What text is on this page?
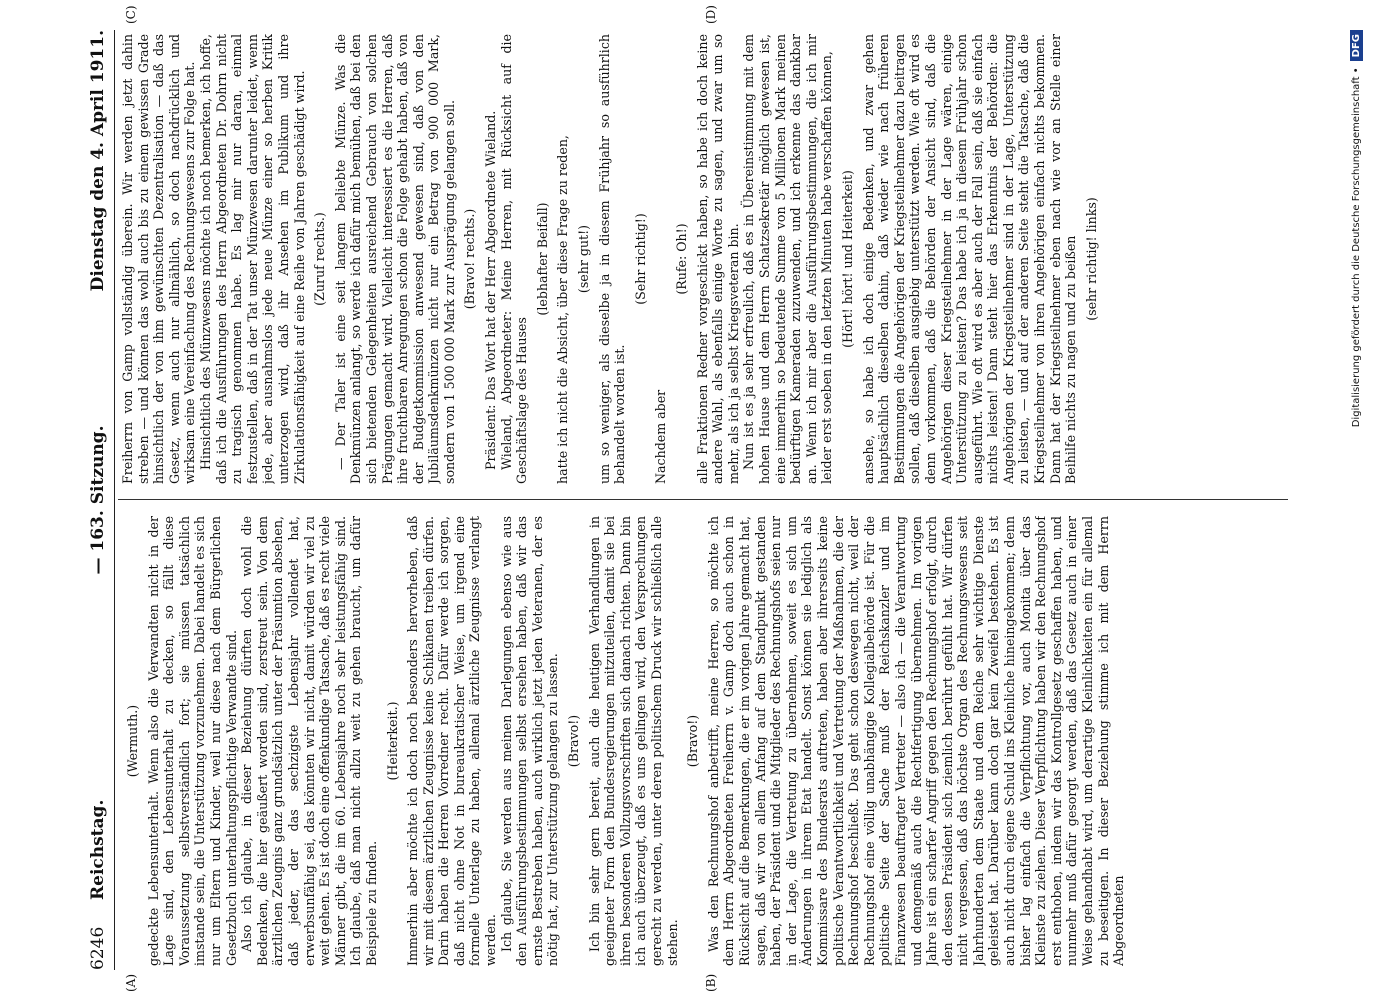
6246
Reichstag.
— 163. Sitzung.
Dienstag den 4. April 1911.
(A)	(B)
(C)	(D)

(Wermuth.) gedeckte Lebensunterhalt. Wenn also die Verwandten nicht in der Lage sind, den Lebensunterhalt zu decken, so fällt diese Voraussetzung selbstverständlich fort; sie müssen tatsächlich imstande sein, die Unterstützung vorzunehmen. Dabei handelt es sich nur um Eltern und Kinder, weil nur diese nach dem Bürgerlichen Gesetzbuch unterhaltungspflichtige Verwandte sind. Also ich glaube, in dieser Beziehung dürften doch wohl die Bedenken, die hier geäußert worden sind, zerstreut sein. Von dem ärztlichen Zeugnis ganz grundsätzlich unter der Präsumtion absehen, daß jeder, der das sechzigste Lebensjahr vollendet hat, erwerbsunfähig sei, das könnten wir nicht, damit würden wir viel zu weit gehen. Es ist doch eine offenkundige Tatsache, daß es recht viele Männer gibt, die im 60. Lebensjahre noch sehr leistungsfähig sind. Ich glaube, daß man nicht allzu weit zu gehen braucht, um dafür Beispiele zu finden.

(Heiterkeit.) Immerhin aber möchte ich doch noch besonders hervorheben, daß wir mit diesem ärztlichen Zeugnisse keine Schikanen treiben dürfen. Darin haben die Herren Vorredner recht. Dafür werde ich sorgen, daß nicht ohne Not in bureaukratischer Weise, um irgend eine formelle Unterlage zu haben, allemal ärztliche Zeugnisse verlangt werden. Ich glaube, Sie werden aus meinen Darlegungen ebenso wie aus den Ausführungsbestimmungen selbst ersehen haben, daß wir das ernste Bestreben haben, auch wirklich jetzt jeden Veteranen, der es nötig hat, zur Unterstützung gelangen zu lassen. (Bravo!) Ich bin sehr gern bereit, auch die heutigen Verhandlungen in geeigneter Form den Bundesregierungen mitzuteilen, damit sie bei ihren besonderen Vollzugsvorschriften sich danach richten. Dann bin ich auch überzeugt, daß es uns gelingen wird, den Versprechungen gerecht zu werden, unter deren politischem Druck wir schließlich alle stehen.

(Bravo!) Was den Rechnungshof anbetrifft, meine Herren, so möchte ich dem Herrn Abgeordneten Freiherrn v. Gamp doch auch schon in Rücksicht auf die Bemerkungen, die er im vorigen Jahre gemacht hat, sagen, daß wir von allem Anfang auf dem Standpunkt gestanden haben, der Präsident und die Mitglieder des Rechnungshofs seien nur in der Lage, die Vertretung zu übernehmen, soweit es sich um Änderungen in ihrem Etat handelt. Sonst können sie lediglich als Kommissare des Bundesrats auftreten, haben aber ihrerseits keine politische Verantwortlichkeit und Vertretung der Maßnahmen, die der Rechnungshof beschließt. Das geht schon deswegen nicht, weil der Rechnungshof eine völlig unabhängige Kollegialbehörde ist. Für die politische Seite der Sache muß der Reichskanzler und im Finanzwesen beauftragter Vertreter — also ich — die Verantwortung und demgemäß auch die Rechtfertigung übernehmen. Im vorigen Jahre ist ein scharfer Angriff gegen den Rechnungshof erfolgt, durch den dessen Präsident sich ziemlich berührt gefühlt hat. Wir dürfen nicht vergessen, daß das höchste Organ des Rechnungswesens seit Jahrhunderten dem Staate und dem Reiche sehr wichtige Dienste geleistet hat. Darüber kann doch gar kein Zweifel bestehen. Es ist auch nicht durch eigene Schuld ins Kleinliche hineingekommen; denn bisher lag einfach die Verpflichtung vor, auch Monita über das Kleinste zu ziehen. Dieser Verpflichtung haben wir den Rechnungshof erst enthoben, indem wir das Kontrollgesetz geschaffen haben, und nunmehr muß dafür gesorgt werden, daß das Gesetz auch in einer Weise gehandhabt wird, um derartige Kleinlichkeiten ein für allemal zu beseitigen. In dieser Beziehung stimme ich mit dem Herrn Abgeordneten

Freiherrn von Gamp vollständig überein. Wir werden jetzt dahin streben — und können das wohl auch bis zu einem gewissen Grade hinsichtlich der von ihm gewünschten Dezentralisation — daß das Gesetz, wenn auch nur allmählich, so doch nachdrücklich und wirksam eine Vereinfachung des Rechnungswesens zur Folge hat. Hinsichtlich des Münzwesens möchte ich noch bemerken, ich hoffe, daß ich die Ausführungen des Herrn Abgeordneten Dr. Dohrn nicht zu tragisch genommen habe. Es lag mir nur daran, einmal festzustellen, daß in der Tat unser Münzwesen darunter leidet, wenn jede, aber ausnahmslos jede neue Münze einer so herben Kritik unterzogen wird, daß ihr Ansehen im Publikum und ihre Zirkulationsfähigkeit auf eine Reihe von Jahren geschädigt wird. (Zuruf rechts.) — Der Taler ist eine seit langem beliebte Münze. Was die Denkmünzen anlangt, so werde ich dafür mich bemühen, daß bei den sich bietenden Gelegenheiten ausreichend Gebrauch von solchen Prägungen gemacht wird. Vielleicht interessiert es die Herren, daß ihre fruchtbaren Anregungen schon die Folge gehabt haben, daß von der Budgetkommission anwesend gewesen sind, daß von den Jubiläumsdenkmünzen nicht nur ein Betrag von 900 000 Mark, sondern von 1 500 000 Mark zur Ausprägung gelangen soll. (Bravo! rechts.) Präsident: Das Wort hat der Herr Abgeordnete Wieland. Wieland, Abgeordneter: Meine Herren, mit Rücksicht auf die Geschäftslage des Hauses

(lebhafter Beifall) hatte ich nicht die Absicht, über diese Frage zu reden, (sehr gut!) um so weniger, als dieselbe ja in diesem Frühjahr so ausführlich behandelt worden ist.

(Sehr richtig!)

Nachdem aber

(Rufe: Oh!) alle Fraktionen Redner vorgeschickt haben, so habe ich doch keine andere Wahl, als ebenfalls einige Worte zu sagen, und zwar um so mehr, als ich ja selbst Kriegsveteran bin. Nun ist es ja sehr erfreulich, daß es in Übereinstimmung mit dem hohen Hause und dem Herrn Schatzsekretär möglich gewesen ist, eine immerhin so bedeutende Summe von 5 Millionen Mark meinen bedürftigen Kameraden zuzuwenden, und ich erkenne das dankbar an. Wenn ich mir aber die Ausführungsbestimmungen, die ich mir leider erst soeben in den letzten Minuten habe verschaffen können, (Hört! hört! und Heiterkeit) ansehe, so habe ich doch einige Bedenken, und zwar gehen hauptsächlich dieselben dahin, daß wieder wie nach früheren Bestimmungen die Angehörigen der Kriegsteilnehmer dazu beitragen sollen, daß dieselben ausgiebig unterstützt werden. Wie oft wird es denn vorkommen, daß die Behörden der Ansicht sind, daß die Angehörigen dieser Kriegsteilnehmer in der Lage wären, einige Unterstützung zu leisten? Das habe ich ja in diesem Frühjahr schon ausgeführt. Wie oft wird es aber auch der Fall sein, daß sie einfach nichts leisten! Dann steht hier das Erkenntnis der Behörden: die Angehörigen der Kriegsteilnehmer sind in der Lage, Unterstützung zu leisten, — und auf der anderen Seite steht die Tatsache, daß die Kriegsteilnehmer von ihren Angehörigen einfach nichts bekommen. Dann hat der Kriegsteilnehmer eben nach wie vor an Stelle einer Beihilfe nichts zu nagen und zu beißen (sehr richtig! links)	Digitalisierung gefördert durch die Deutsche Forschungsgemeinschaft •DFG
